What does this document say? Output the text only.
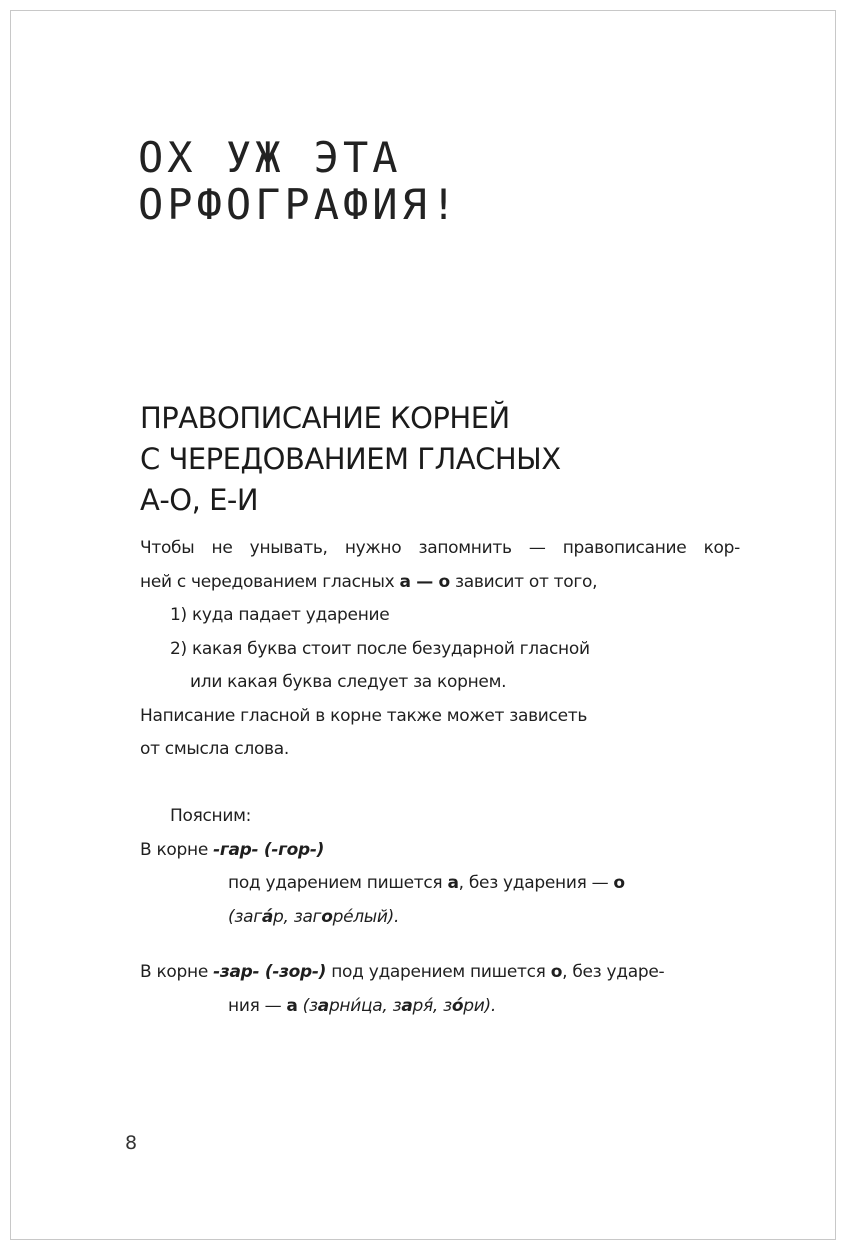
ОХ УЖ ЭТА
ОРФОГРАФИЯ!
ПРАВОПИСАНИЕ КОРНЕЙ
С ЧЕРЕДОВАНИЕМ ГЛАСНЫХ
А-О, Е-И
Чтобы не унывать, нужно запомнить — правописание кор-
ней с чередованием гласных а — о зависит от того,
1) куда падает ударение
2) какая буква стоит после безударной гласной
или какая буква следует за корнем.
Написание гласной в корне также может зависеть
от смысла слова.
Поясним:
В корне -гар- (-гор-)
под ударением пишется а, без ударения — о
(загáр, загоре́лый).
В корне -зар- (-зор-) под ударением пишется о, без ударе-
ния — а (зарни́ца, заря́, зóри).
8
